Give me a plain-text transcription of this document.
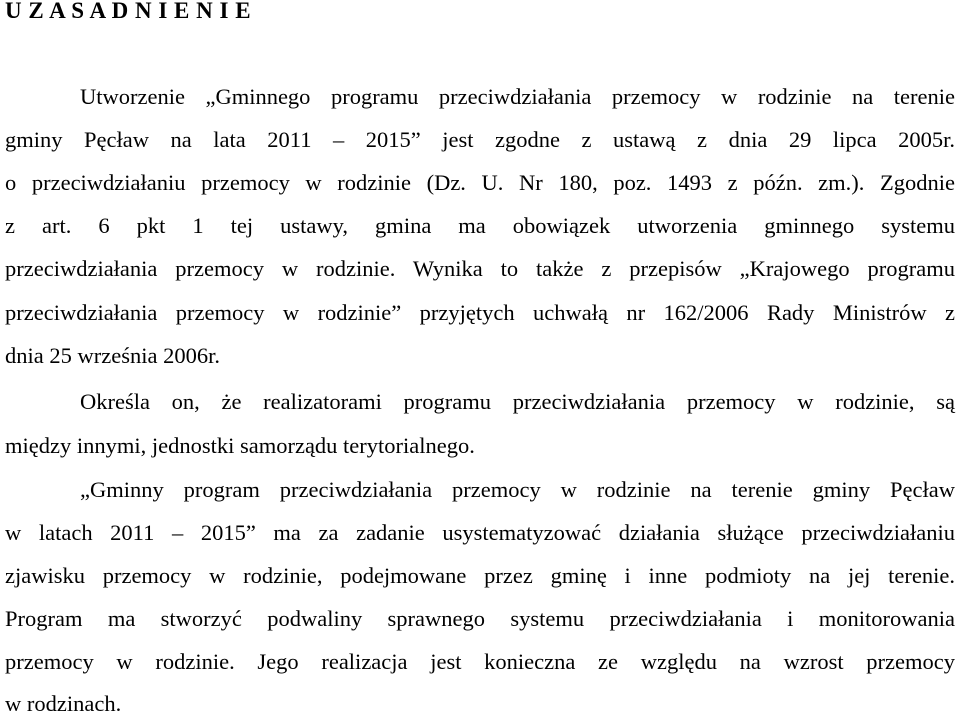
U Z A S A D N I E N I E

Utworzenie „Gminnego programu przeciwdziałania przemocy w rodzinie na terenie

gminy Pęcław na lata 2011 – 2015” jest zgodne z ustawą z dnia 29 lipca 2005r.

o przeciwdziałaniu przemocy w rodzinie (Dz. U. Nr 180, poz. 1493 z późn. zm.). Zgodnie

z art. 6 pkt 1 tej ustawy, gmina ma obowiązek utworzenia gminnego systemu

przeciwdziałania przemocy w rodzinie. Wynika to także z przepisów „Krajowego programu

przeciwdziałania przemocy w rodzinie” przyjętych uchwałą nr 162/2006 Rady Ministrów z

dnia 25 września 2006r.

Określa on, że realizatorami programu przeciwdziałania przemocy w rodzinie, są

między innymi, jednostki samorządu terytorialnego.

„Gminny program przeciwdziałania przemocy w rodzinie na terenie gminy Pęcław

w latach 2011 – 2015” ma za zadanie usystematyzować działania służące przeciwdziałaniu

zjawisku przemocy w rodzinie, podejmowane przez gminę i inne podmioty na jej terenie.

Program ma stworzyć podwaliny sprawnego systemu przeciwdziałania i monitorowania

przemocy w rodzinie. Jego realizacja jest konieczna ze względu na wzrost przemocy

w rodzinach.
